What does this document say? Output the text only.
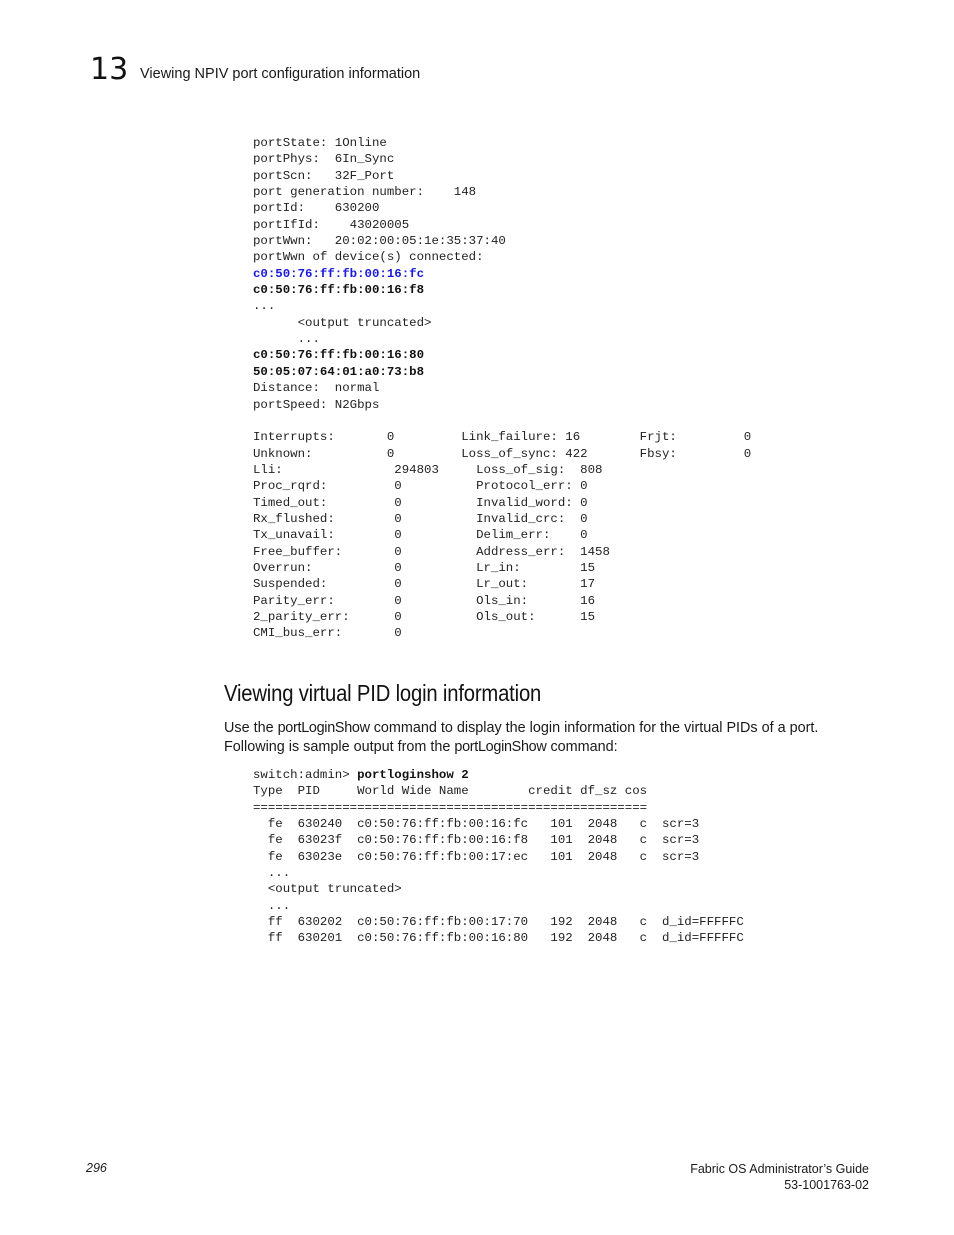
13 Viewing NPIV port configuration information
portState: 1Online
portPhys:  6In_Sync
portScn:   32F_Port
port generation number:    148
portId:    630200
portIfId:    43020005
portWwn:   20:02:00:05:1e:35:37:40
portWwn of device(s) connected:
c0:50:76:ff:fb:00:16:fc
c0:50:76:ff:fb:00:16:f8
...
<output truncated>
...
c0:50:76:ff:fb:00:16:80
50:05:07:64:01:a0:73:b8
Distance:  normal
portSpeed: N2Gbps
Interrupts:       0         Link_failure: 16        Frjt:         0
Unknown:          0         Loss_of_sync: 422       Fbsy:         0
Lli:               294803     Loss_of_sig:  808
Proc_rqrd:         0          Protocol_err: 0
Timed_out:         0          Invalid_word: 0
Rx_flushed:        0          Invalid_crc:  0
Tx_unavail:        0          Delim_err:    0
Free_buffer:       0          Address_err:  1458
Overrun:           0          Lr_in:        15
Suspended:         0          Lr_out:       17
Parity_err:        0          Ols_in:       16
2_parity_err:      0          Ols_out:      15
CMI_bus_err:       0
Viewing virtual PID login information

Use the portLoginShow command to display the login information for the virtual PIDs of a port. Following is sample output from the portLoginShow command:

switch:admin> portloginshow 2
Type  PID     World Wide Name        credit df_sz cos
=====================================================
fe  630240  c0:50:76:ff:fb:00:16:fc   101  2048   c  scr=3
fe  63023f  c0:50:76:ff:fb:00:16:f8   101  2048   c  scr=3
fe  63023e  c0:50:76:ff:fb:00:17:ec   101  2048   c  scr=3
...
<output truncated>
...
ff  630202  c0:50:76:ff:fb:00:17:70   192  2048   c  d_id=FFFFFC
ff  630201  c0:50:76:ff:fb:00:16:80   192  2048   c  d_id=FFFFFC
296	Fabric OS Administrator’s Guide
53-1001763-02
